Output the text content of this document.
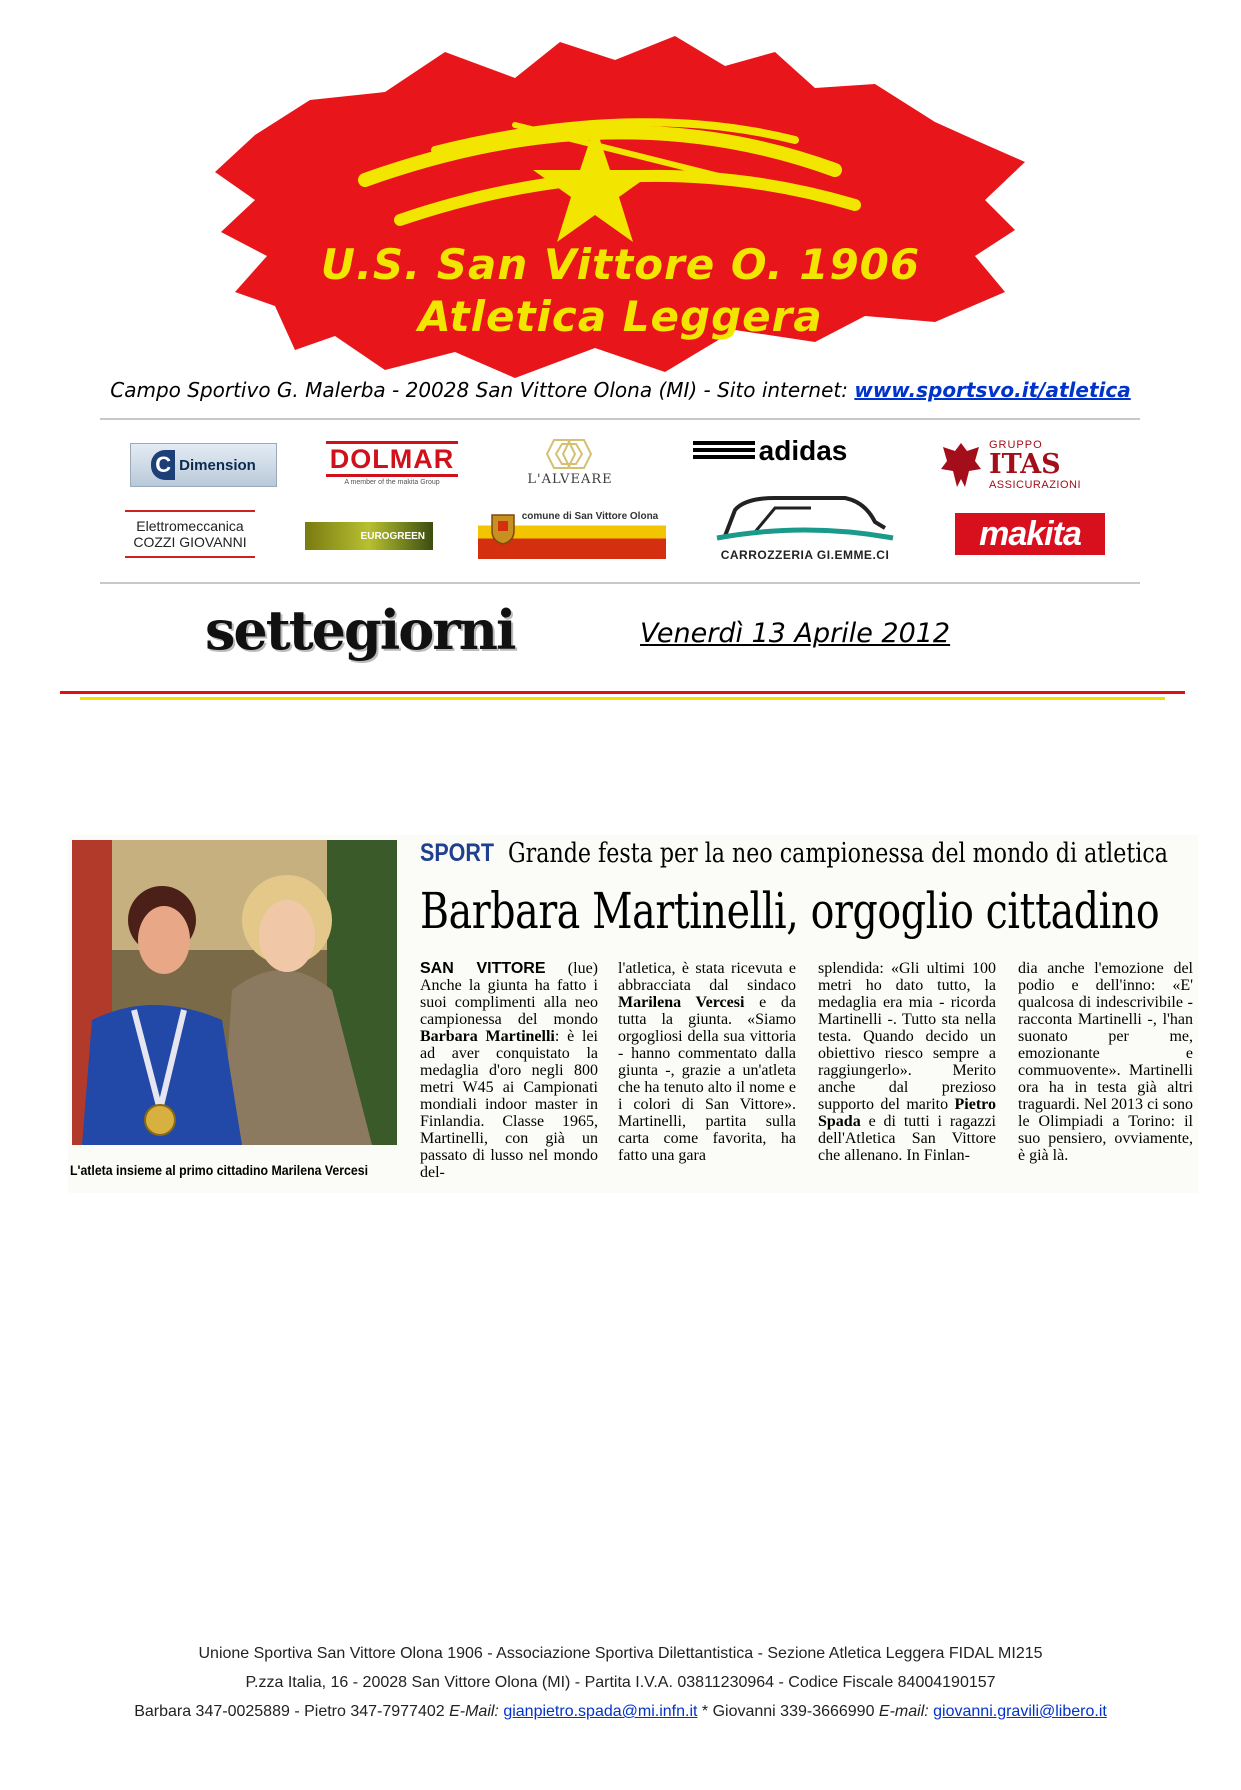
U.S. San Vittore O. 1906
Atletica Leggera
Campo Sportivo G. Malerba - 20028 San Vittore Olona (MI) - Sito internet: www.sportsvo.it/atletica
C Dimension	DOLMAR
A member of the makita Group	L'ALVEARE
adidas	GRUPPO
ITAS
ASSICURAZIONI
Elettromeccanica
COZZI GIOVANNI	EUROGREEN
comune di San Vittore Olona
CARROZZERIA GI.EMME.CI
makita
settegiorni	Venerdì 13 Aprile 2012
L'atleta insieme al primo cittadino Marilena Vercesi
SPORT Grande festa per la neo campionessa del mondo di atletica
Barbara Martinelli, orgoglio cittadino
SAN VITTORE (lue) Anche la giunta ha fatto i suoi complimenti alla neo campionessa del mondo Barbara Martinelli: è lei ad aver conquistato la medaglia d'oro negli 800 metri W45 ai Campionati mondiali indoor master in Finlandia. Classe 1965, Martinelli, con già un passato di lusso nel mondo del-
l'atletica, è stata ricevuta e abbracciata dal sindaco Marilena Vercesi e da tutta la giunta. «Siamo orgogliosi della sua vittoria - hanno commentato dalla giunta -, grazie a un'atleta che ha tenuto alto il nome e i colori di San Vittore». Martinelli, partita sulla carta come favorita, ha fatto una gara
splendida: «Gli ultimi 100 metri ho dato tutto, la medaglia era mia - ricorda Martinelli -. Tutto sta nella testa. Quando decido un obiettivo riesco sempre a raggiungerlo». Merito anche dal prezioso supporto del marito Pietro Spada e di tutti i ragazzi dell'Atletica San Vittore che allenano. In Finlan-
dia anche l'emozione del podio e dell'inno: «E' qualcosa di indescrivibile - racconta Martinelli -, l'han suonato per me, emozionante e commuovente». Martinelli ora ha in testa già altri traguardi. Nel 2013 ci sono le Olimpiadi a Torino: il suo pensiero, ovviamente, è già là.
Unione Sportiva San Vittore Olona 1906 - Associazione Sportiva Dilettantistica - Sezione Atletica Leggera FIDAL MI215
P.zza Italia, 16 - 20028 San Vittore Olona (MI) - Partita I.V.A. 03811230964 - Codice Fiscale 84004190157
Barbara 347-0025889 - Pietro 347-7977402 E-Mail: gianpietro.spada@mi.infn.it * Giovanni 339-3666990 E-mail: giovanni.gravili@libero.it
